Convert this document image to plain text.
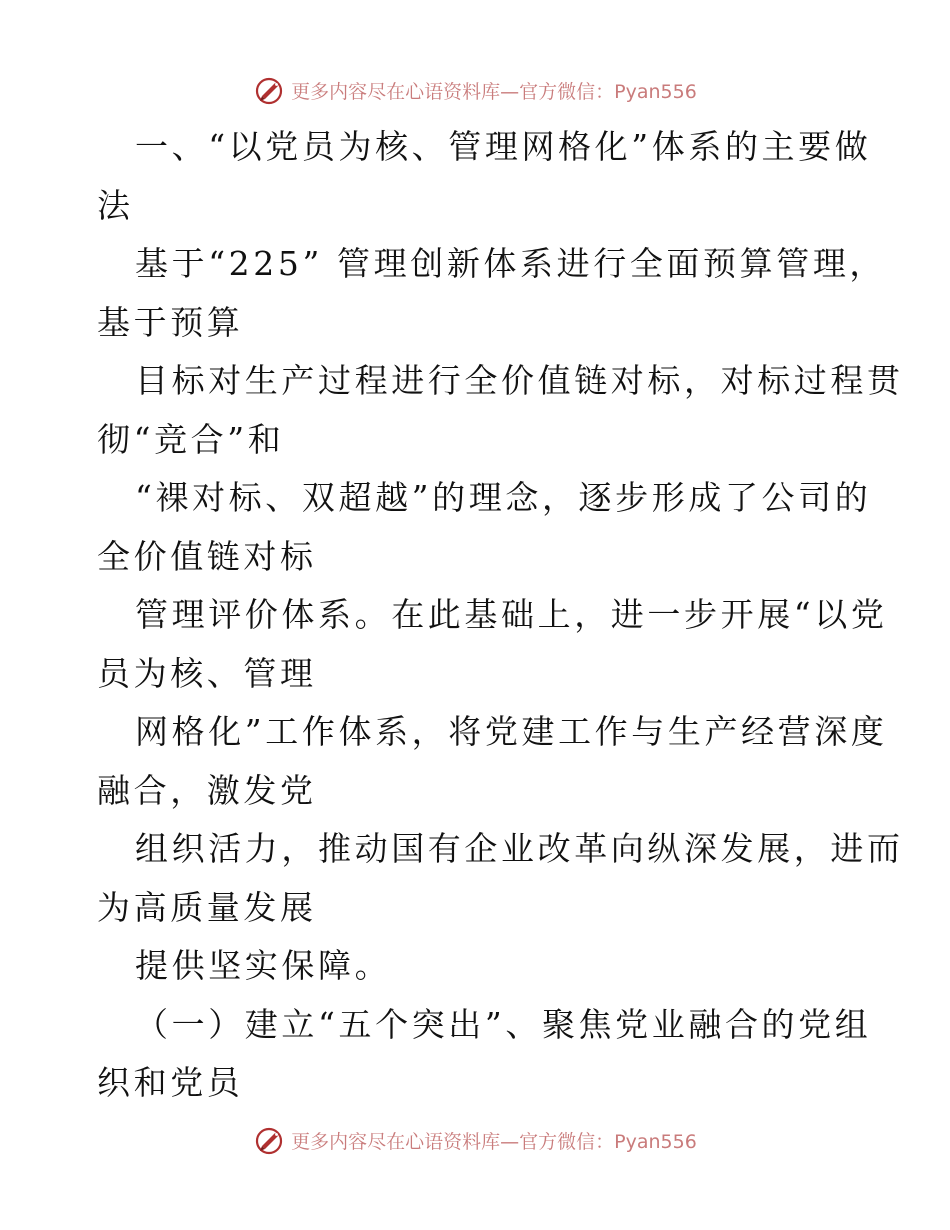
更多内容尽在心语资料库—官方微信：Pyan556
一、“以党员为核、管理网格化”体系的主要做
法
基于“225” 管理创新体系进行全面预算管理，
基于预算
目标对生产过程进行全价值链对标，对标过程贯
彻“竞合”和
“裸对标、双超越”的理念，逐步形成了公司的
全价值链对标
管理评价体系。在此基础上，进一步开展“以党
员为核、管理
网格化”工作体系，将党建工作与生产经营深度
融合，激发党
组织活力，推动国有企业改革向纵深发展，进而
为高质量发展
提供坚实保障。
（一）建立“五个突出”、聚焦党业融合的党组
织和党员
更多内容尽在心语资料库—官方微信：Pyan556
